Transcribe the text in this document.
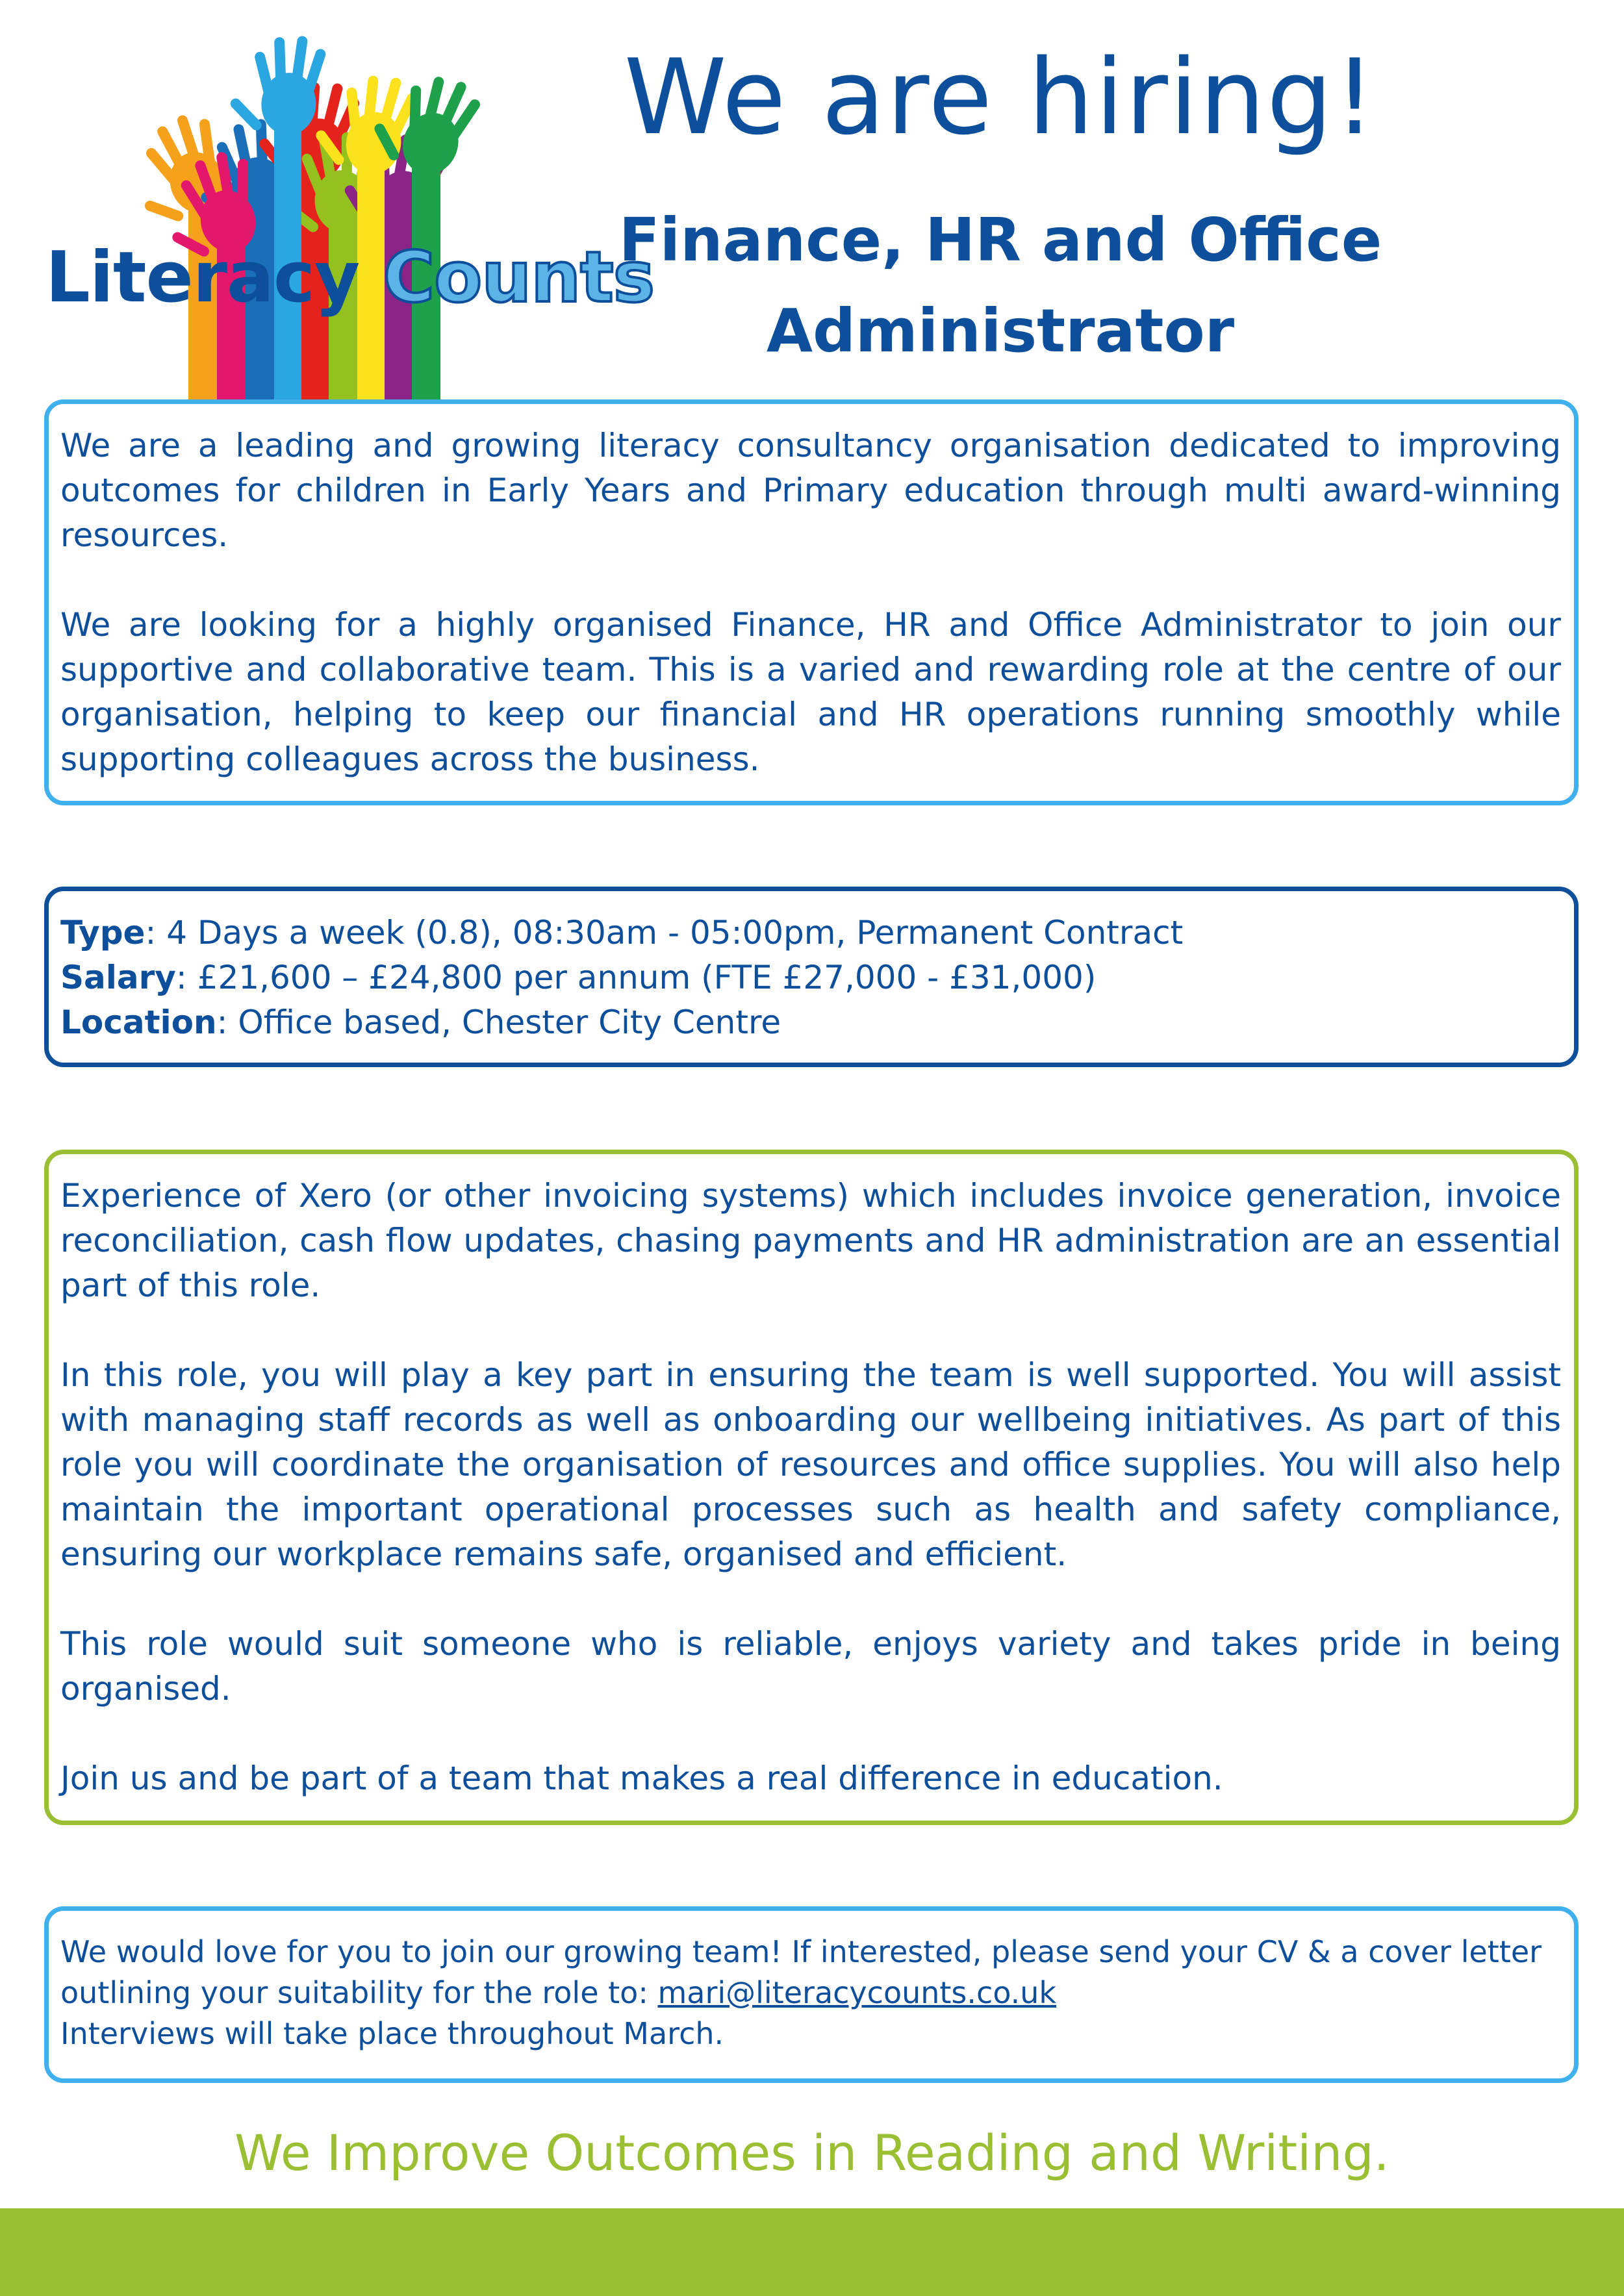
Literacy Counts
We are hiring!
Finance, HR and Office
Administrator

We are a leading and growing literacy consultancy organisation dedicated to improving outcomes for children in Early Years and Primary education through multi award-winning resources.

We are looking for a highly organised Finance, HR and Office Administrator to join our supportive and collaborative team. This is a varied and rewarding role at the centre of our organisation, helping to keep our financial and HR operations running smoothly while supporting colleagues across the business.

Type: 4 Days a week (0.8), 08:30am - 05:00pm, Permanent Contract
Salary: £21,600 – £24,800 per annum (FTE £27,000 - £31,000)
Location: Office based, Chester City Centre

Experience of Xero (or other invoicing systems) which includes invoice generation, invoice reconciliation, cash flow updates, chasing payments and HR administration are an essential part of this role.

In this role, you will play a key part in ensuring the team is well supported. You will assist with managing staff records as well as onboarding our wellbeing initiatives. As part of this role you will coordinate the organisation of resources and office supplies. You will also help maintain the important operational processes such as health and safety compliance, ensuring our workplace remains safe, organised and efficient.

This role would suit someone who is reliable, enjoys variety and takes pride in being organised.

Join us and be part of a team that makes a real difference in education.

We would love for you to join our growing team! If interested, please send your CV & a cover letter
outlining your suitability for the role to: mari@literacycounts.co.uk
Interviews will take place throughout March.
We Improve Outcomes in Reading and Writing.
